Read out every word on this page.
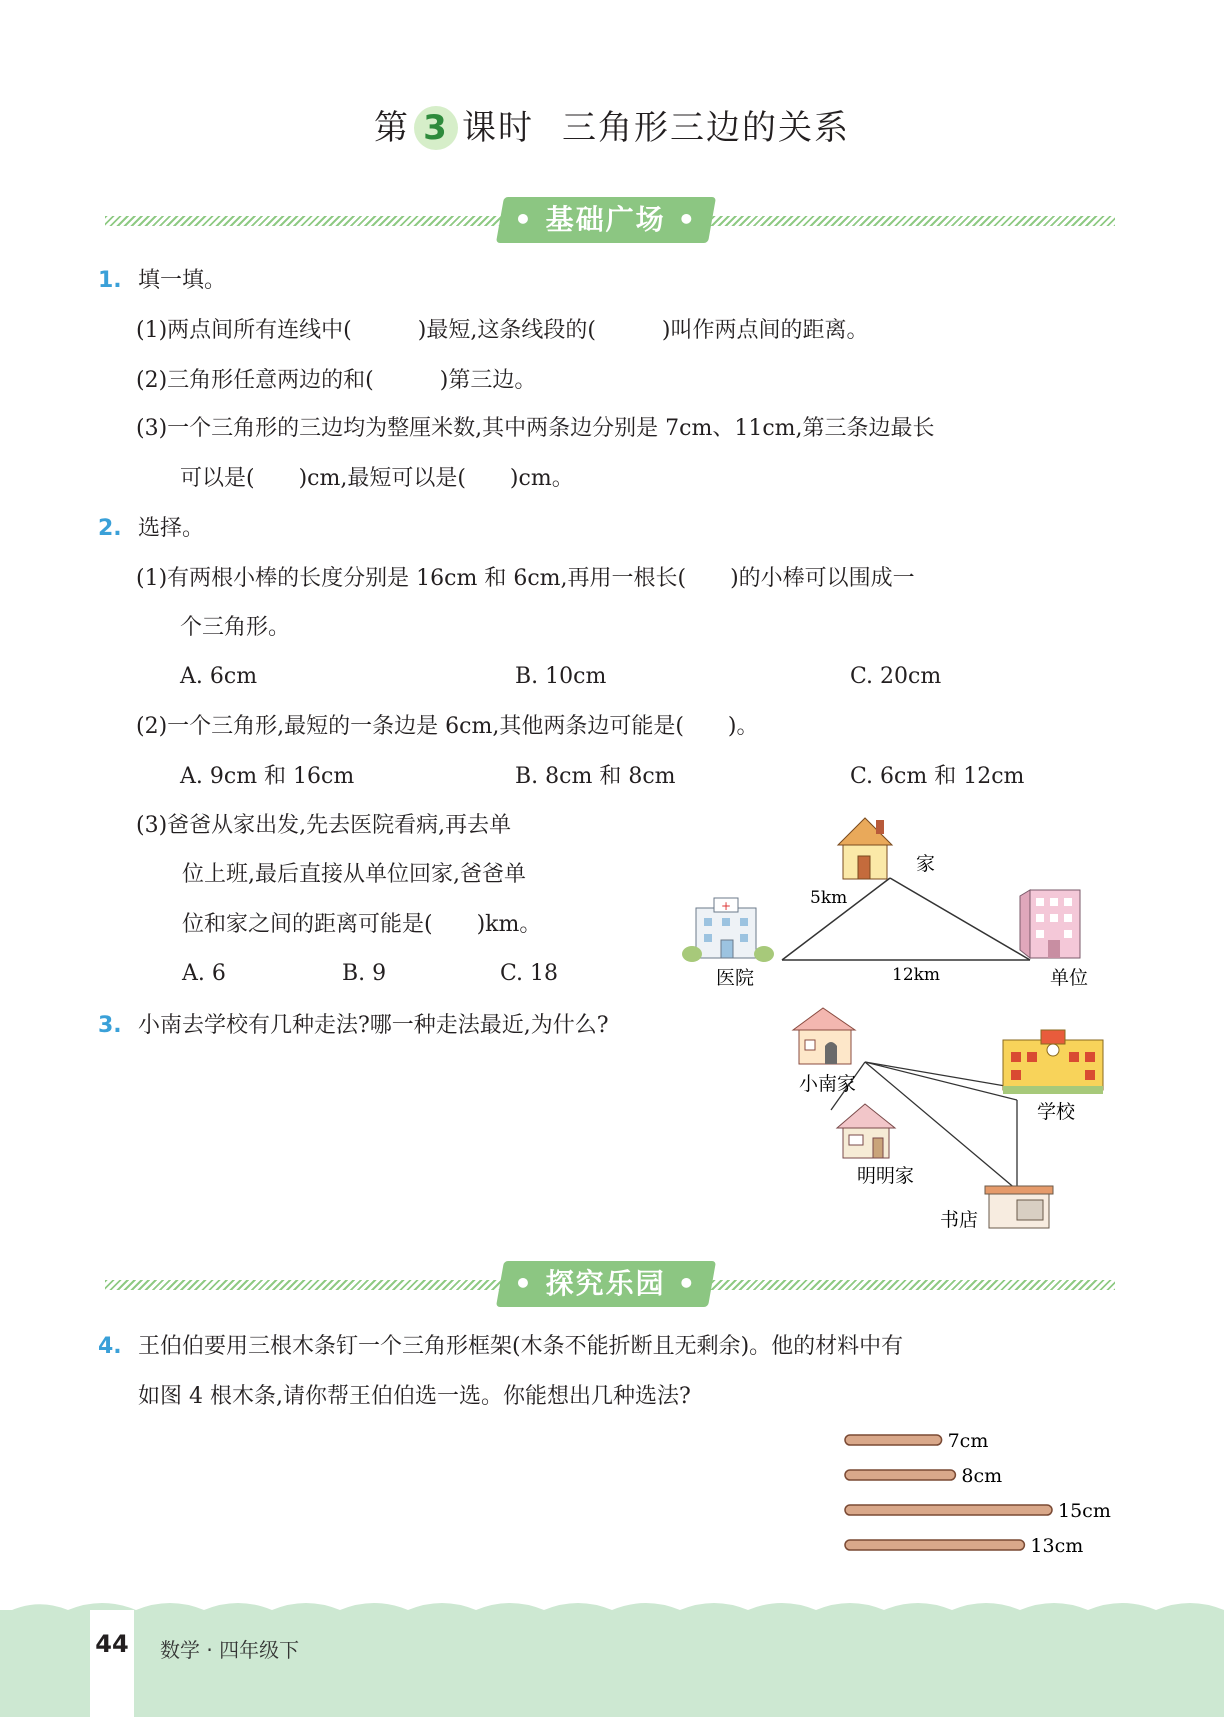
第 3 课时 三角形三边的关系
• 基础广场 •
1. 填一填。
(1)两点间所有连线中(　　　)最短,这条线段的(　　　)叫作两点间的距离。
(2)三角形任意两边的和(　　　)第三边。
(3)一个三角形的三边均为整厘米数,其中两条边分别是 7cm、11cm,第三条边最长
可以是(　　)cm,最短可以是(　　)cm。
2. 选择。
(1)有两根小棒的长度分别是 16cm 和 6cm,再用一根长(　　)的小棒可以围成一
个三角形。
A. 6cm	B. 10cm	C. 20cm
(2)一个三角形,最短的一条边是 6cm,其他两条边可能是(　　)。
A. 9cm 和 16cm	B. 8cm 和 8cm	C. 6cm 和 12cm
(3)爸爸从家出发,先去医院看病,再去单
位上班,最后直接从单位回家,爸爸单
位和家之间的距离可能是(　　)km。
A. 6	B. 9	C. 18
+
家
医院	单位
5km
12km
3. 小南去学校有几种走法?哪一种走法最近,为什么?
小南家
学校
明明家
书店
• 探究乐园 •
4. 王伯伯要用三根木条钉一个三角形框架(木条不能折断且无剩余)。他的材料中有
如图 4 根木条,请你帮王伯伯选一选。你能想出几种选法?
7cm
8cm
15cm
13cm
44 数学 · 四年级下
